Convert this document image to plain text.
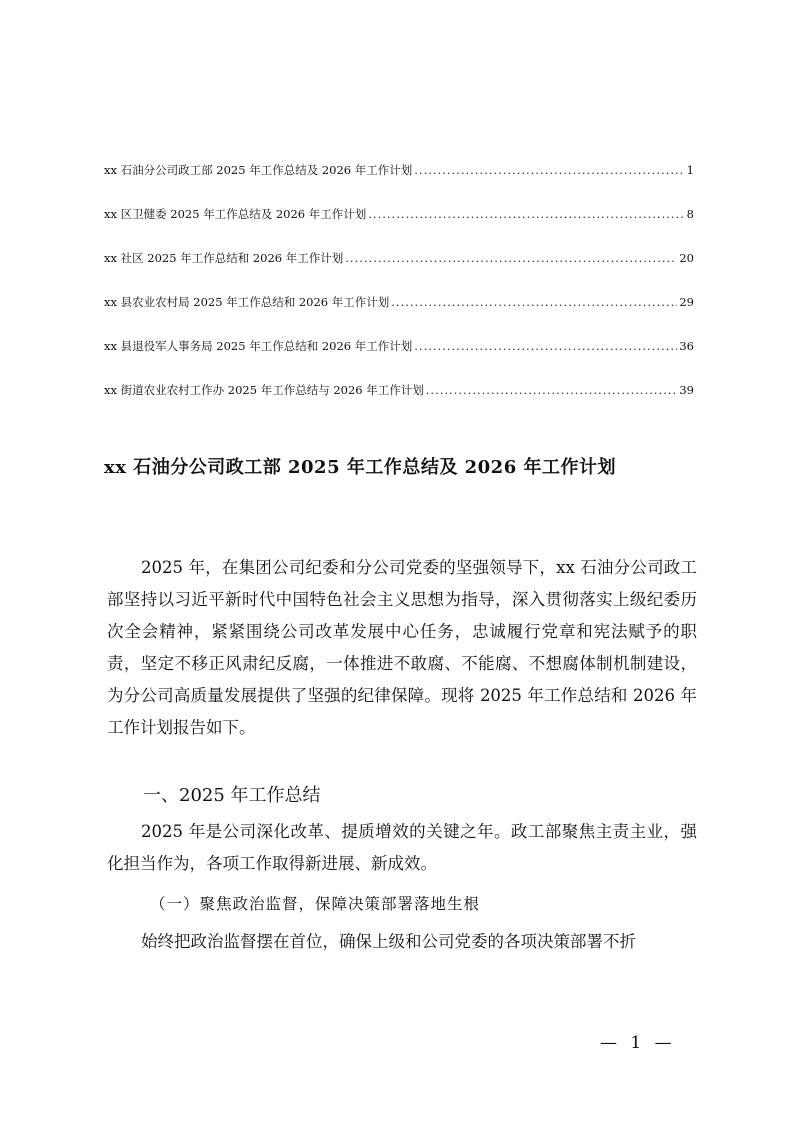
xx 石油分公司政工部 2025 年工作总结及 2026 年工作计划 .....	1
xx 区卫健委 2025 年工作总结及 2026 年工作计划 .....	8
xx 社区 2025 年工作总结和 2026 年工作计划 .....	20
xx 县农业农村局 2025 年工作总结和 2026 年工作计划 .....	29
xx 县退役军人事务局 2025 年工作总结和 2026 年工作计划 .....	36
xx 街道农业农村工作办 2025 年工作总结与 2026 年工作计划 .....	39
xx 石油分公司政工部 2025 年工作总结及 2026 年工作计划

2025 年，在集团公司纪委和分公司党委的坚强领导下，xx 石油分公司政工部坚持以习近平新时代中国特色社会主义思想为指导，深入贯彻落实上级纪委历次全会精神，紧紧围绕公司改革发展中心任务，忠诚履行党章和宪法赋予的职责，坚定不移正风肃纪反腐，一体推进不敢腐、不能腐、不想腐体制机制建设，为分公司高质量发展提供了坚强的纪律保障。现将 2025 年工作总结和 2026 年工作计划报告如下。

一、2025 年工作总结

2025 年是公司深化改革、提质增效的关键之年。政工部聚焦主责主业，强化担当作为，各项工作取得新进展、新成效。

（一）聚焦政治监督，保障决策部署落地生根

始终把政治监督摆在首位，确保上级和公司党委的各项决策部署不折

— 1 —
